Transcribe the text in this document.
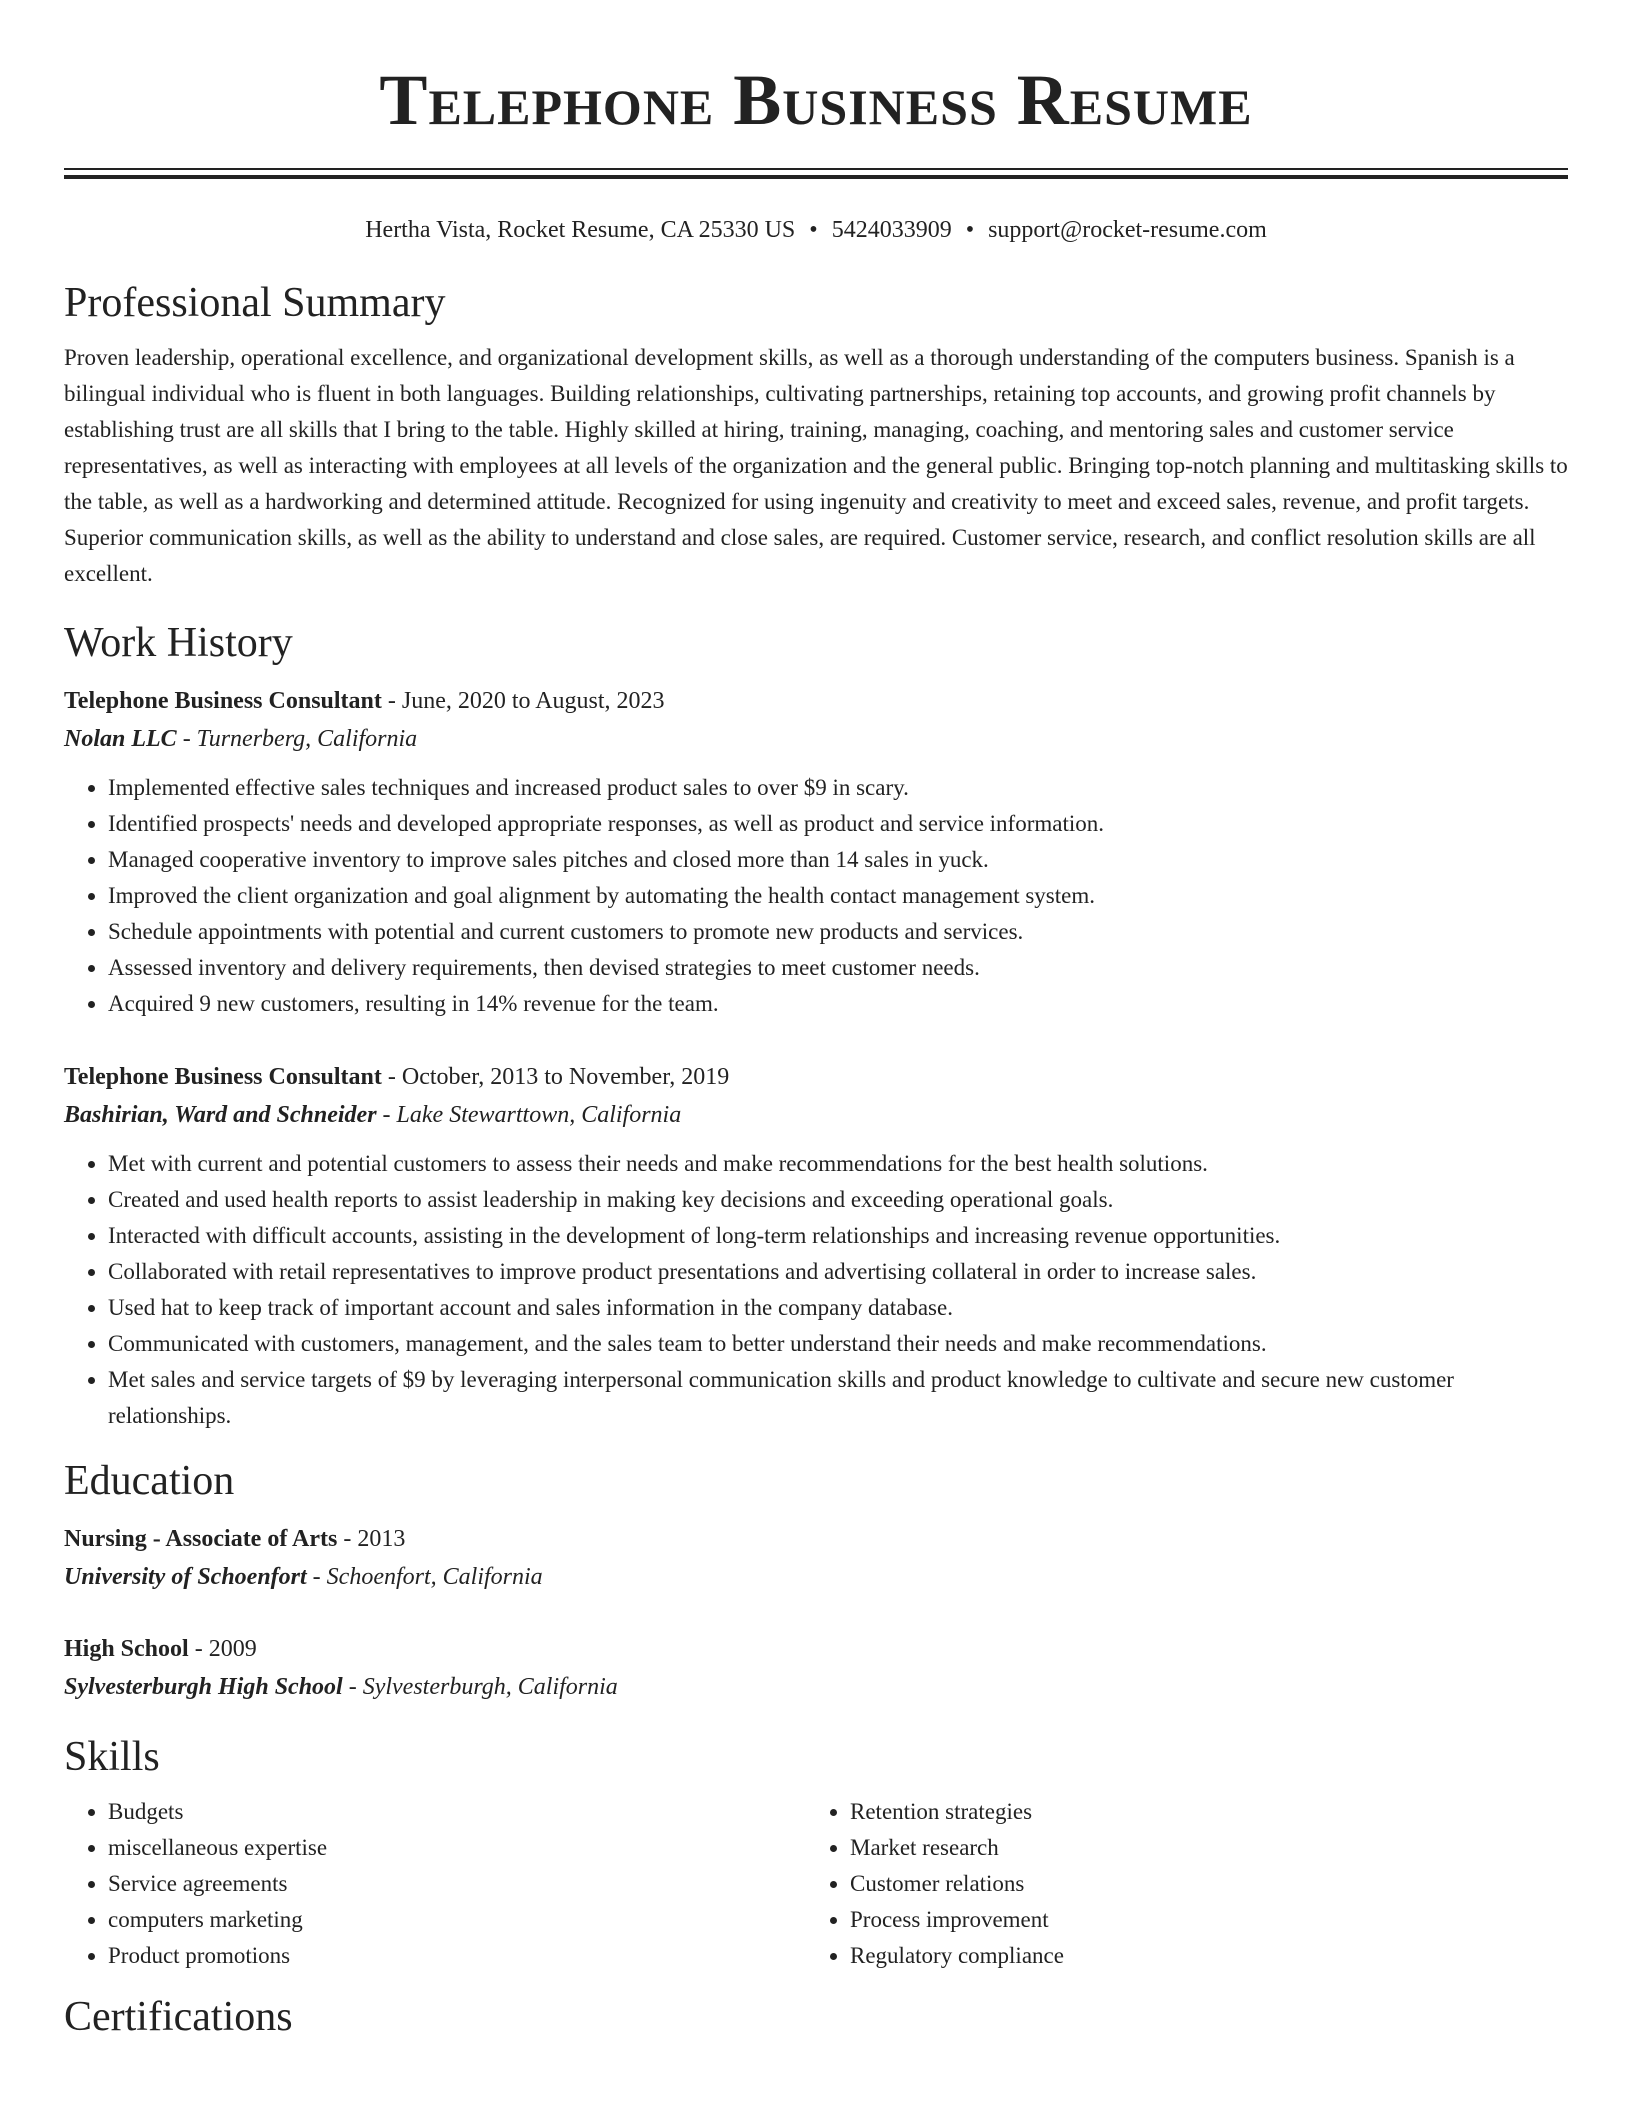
Telephone Business Resume
Hertha Vista, Rocket Resume, CA 25330 US • 5424033909 • support@rocket-resume.com
Professional Summary

Proven leadership, operational excellence, and organizational development skills, as well as a thorough understanding of the computers business. Spanish is a bilingual individual who is fluent in both languages. Building relationships, cultivating partnerships, retaining top accounts, and growing profit channels by establishing trust are all skills that I bring to the table. Highly skilled at hiring, training, managing, coaching, and mentoring sales and customer service representatives, as well as interacting with employees at all levels of the organization and the general public. Bringing top-notch planning and multitasking skills to the table, as well as a hardworking and determined attitude. Recognized for using ingenuity and creativity to meet and exceed sales, revenue, and profit targets. Superior communication skills, as well as the ability to understand and close sales, are required. Customer service, research, and conflict resolution skills are all excellent.

Work History
Telephone Business Consultant - June, 2020 to August, 2023
Nolan LLC - Turnerberg, California
• Implemented effective sales techniques and increased product sales to over $9 in scary.
• Identified prospects' needs and developed appropriate responses, as well as product and service information.
• Managed cooperative inventory to improve sales pitches and closed more than 14 sales in yuck.
• Improved the client organization and goal alignment by automating the health contact management system.
• Schedule appointments with potential and current customers to promote new products and services.
• Assessed inventory and delivery requirements, then devised strategies to meet customer needs.
• Acquired 9 new customers, resulting in 14% revenue for the team.
Telephone Business Consultant - October, 2013 to November, 2019
Bashirian, Ward and Schneider - Lake Stewarttown, California
• Met with current and potential customers to assess their needs and make recommendations for the best health solutions.
• Created and used health reports to assist leadership in making key decisions and exceeding operational goals.
• Interacted with difficult accounts, assisting in the development of long-term relationships and increasing revenue opportunities.
• Collaborated with retail representatives to improve product presentations and advertising collateral in order to increase sales.
• Used hat to keep track of important account and sales information in the company database.
• Communicated with customers, management, and the sales team to better understand their needs and make recommendations.
• Met sales and service targets of $9 by leveraging interpersonal communication skills and product knowledge to cultivate and secure new customer relationships.
Education
Nursing - Associate of Arts - 2013
University of Schoenfort - Schoenfort, California
High School - 2009
Sylvesterburgh High School - Sylvesterburgh, California
Skills
• Budgets
• miscellaneous expertise
• Service agreements
• computers marketing
• Product promotions
• Retention strategies
• Market research
• Customer relations
• Process improvement
• Regulatory compliance
Certifications
